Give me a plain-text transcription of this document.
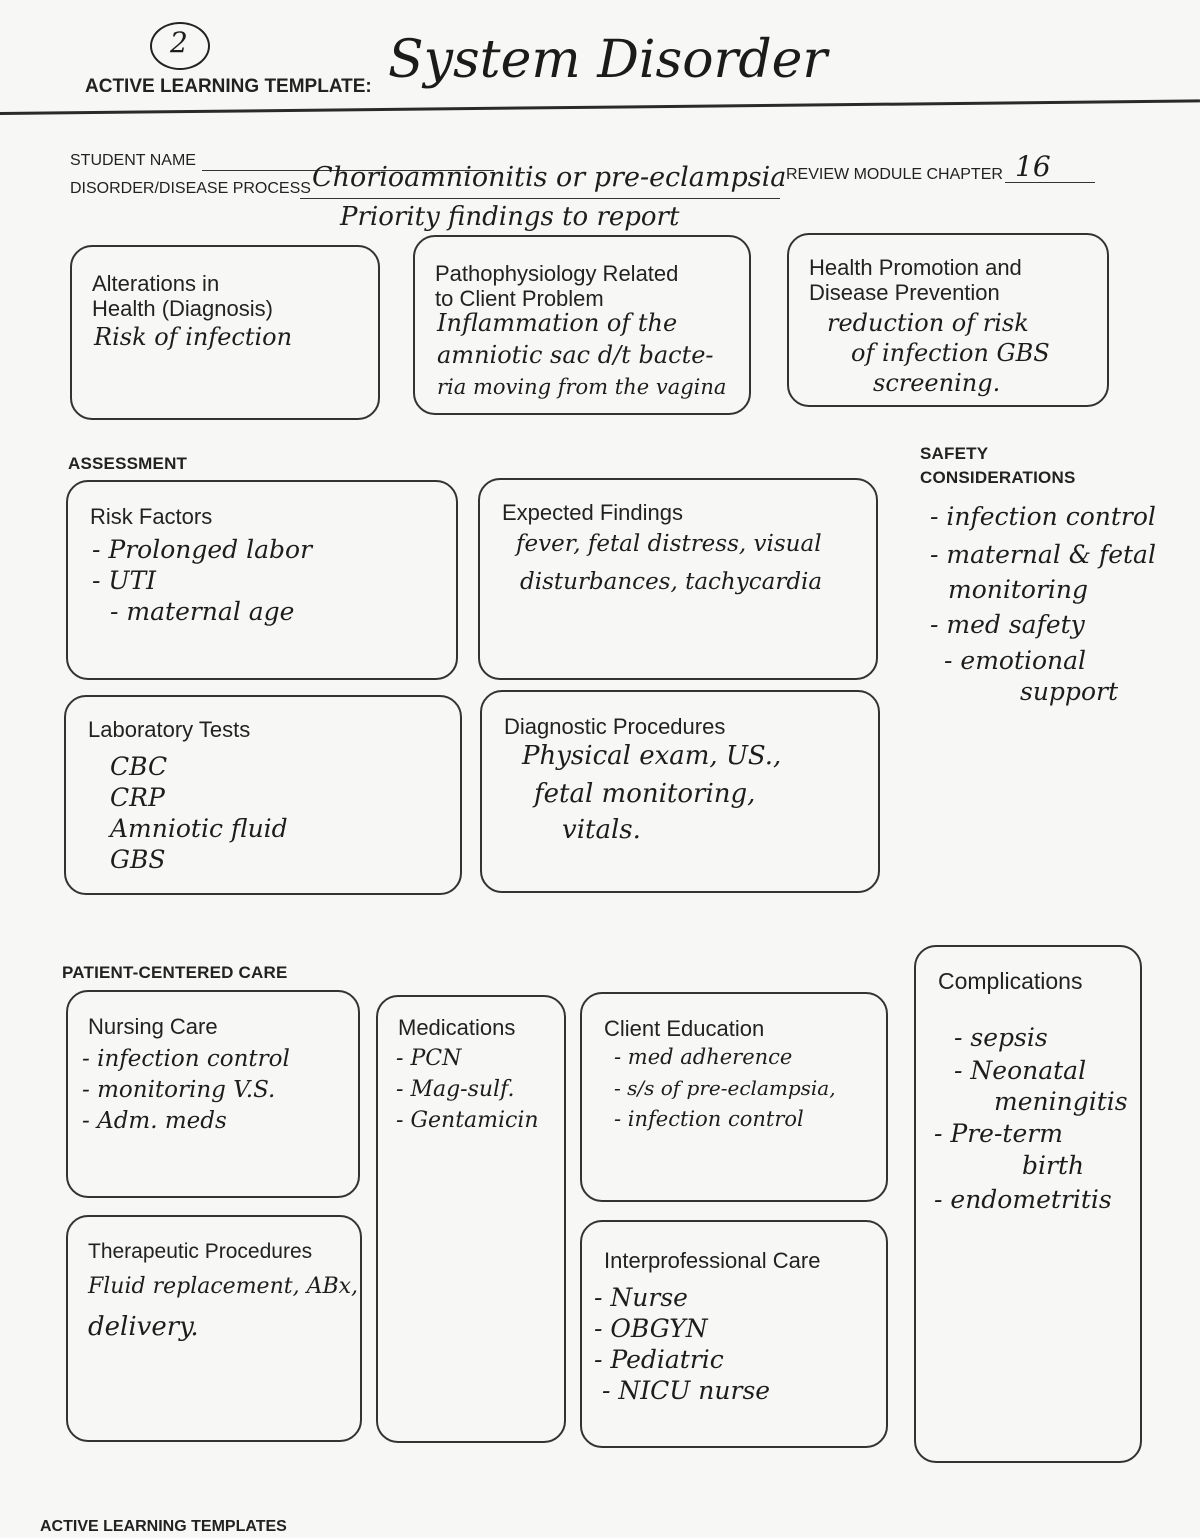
2
ACTIVE LEARNING TEMPLATE: System Disorder
STUDENT NAME
DISORDER/DISEASE PROCESS Chorioamnionitis or pre-eclampsia
Priority findings to report
REVIEW MODULE CHAPTER 16
Alterations in
Health (Diagnosis)
Risk of infection
Pathophysiology Related
to Client Problem
Inflammation of the
amniotic sac d/t bacte-
ria moving from the vagina
Health Promotion and
Disease Prevention
reduction of risk
of infection GBS
screening.
ASSESSMENT
Risk Factors
- Prolonged labor
- UTI
- maternal age
Expected Findings
fever, fetal distress, visual
disturbances, tachycardia
Laboratory Tests
CBC
CRP
Amniotic fluid
GBS
Diagnostic Procedures
Physical exam, US.,
fetal monitoring,
vitals.
SAFETY
CONSIDERATIONS
- infection control
- maternal & fetal
monitoring
- med safety
- emotional
support
PATIENT-CENTERED CARE
Nursing Care
- infection control
- monitoring V.S.
- Adm. meds
Medications
- PCN
- Mag-sulf.
- Gentamicin
Client Education
- med adherence
- s/s of pre-eclampsia,
- infection control
Complications
- sepsis
- Neonatal
meningitis
- Pre-term
birth
- endometritis
Therapeutic Procedures
Fluid replacement, ABx,
delivery.
Interprofessional Care
- Nurse
- OBGYN
- Pediatric
- NICU nurse
ACTIVE LEARNING TEMPLATES
